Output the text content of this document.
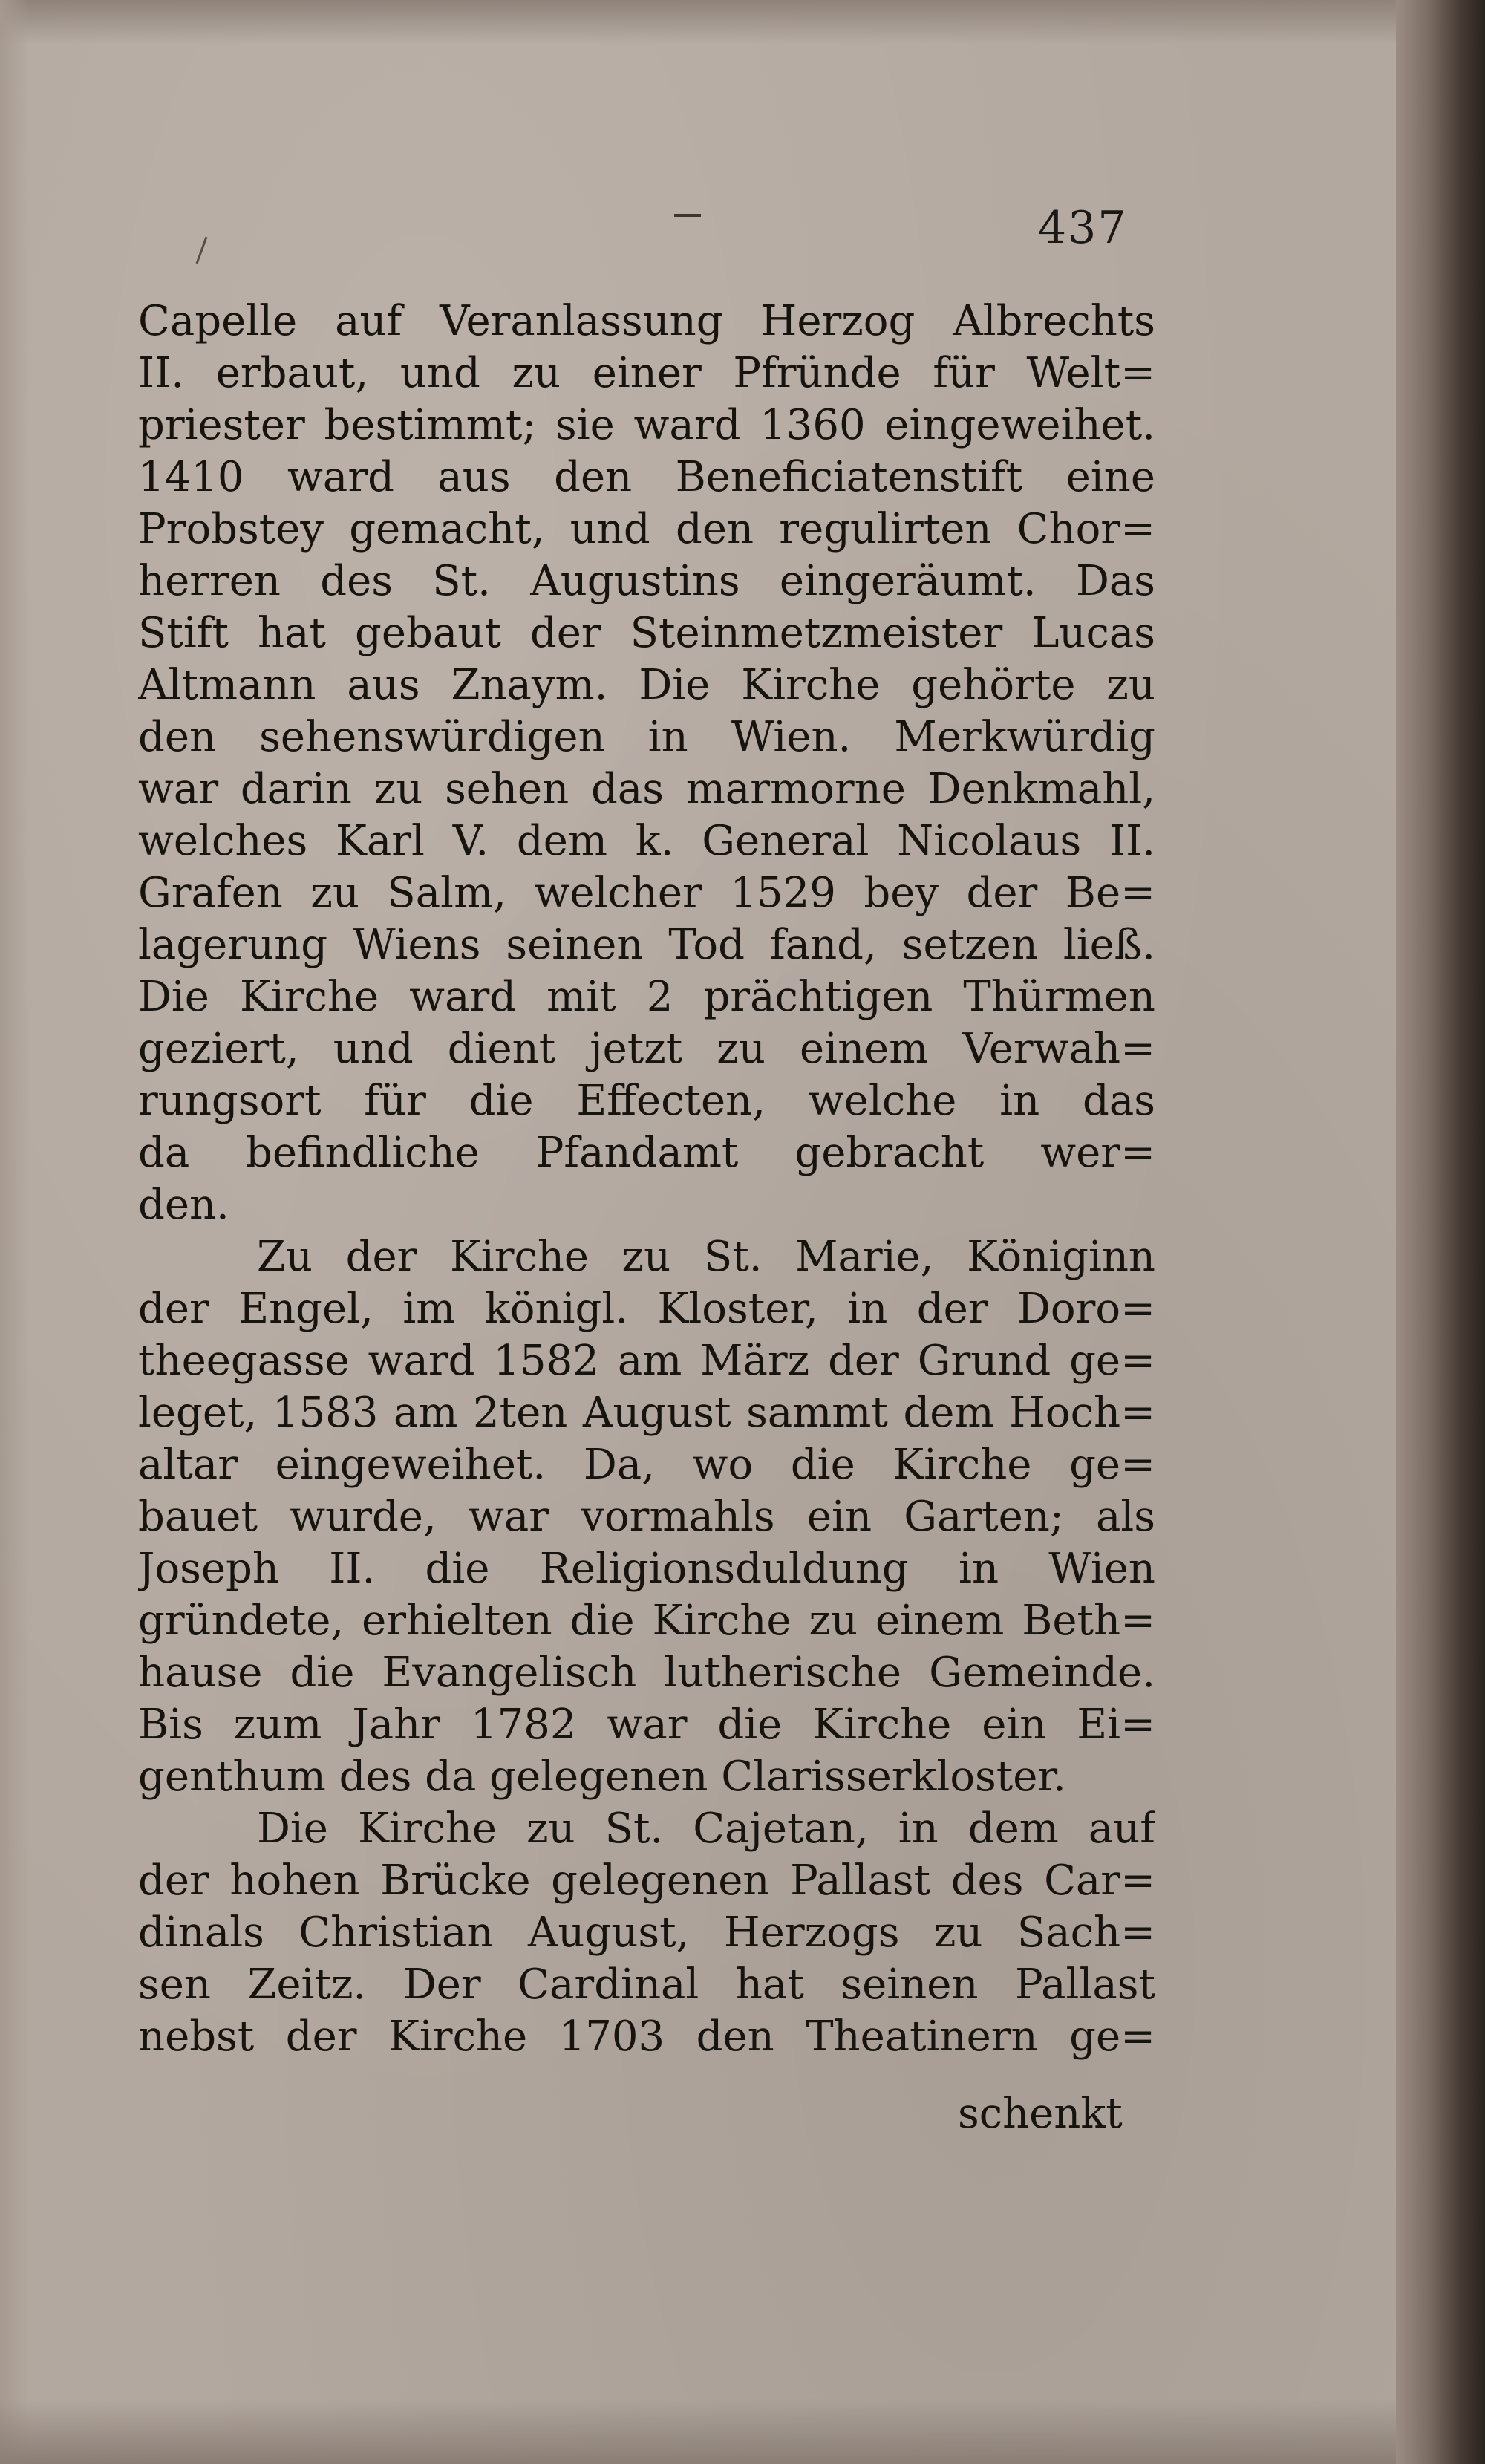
437
Capelle auf Veranlassung Herzog Albrechts
II. erbaut, und zu einer Pfründe für Welt=
priester bestimmt; sie ward 1360 eingeweihet.
1410 ward aus den Beneficiatenstift eine
Probstey gemacht, und den regulirten Chor=
herren des St. Augustins eingeräumt. Das
Stift hat gebaut der Steinmetzmeister Lucas
Altmann aus Znaym. Die Kirche gehörte zu
den sehenswürdigen in Wien. Merkwürdig
war darin zu sehen das marmorne Denkmahl,
welches Karl V. dem k. General Nicolaus II.
Grafen zu Salm, welcher 1529 bey der Be=
lagerung Wiens seinen Tod fand, setzen ließ.
Die Kirche ward mit 2 prächtigen Thürmen
geziert, und dient jetzt zu einem Verwah=
rungsort für die Effecten, welche in das
da befindliche Pfandamt gebracht wer=
den.
Zu der Kirche zu St. Marie, Königinn
der Engel, im königl. Kloster, in der Doro=
theegasse ward 1582 am März der Grund ge=
leget, 1583 am 2ten August sammt dem Hoch=
altar eingeweihet. Da, wo die Kirche ge=
bauet wurde, war vormahls ein Garten; als
Joseph II. die Religionsduldung in Wien
gründete, erhielten die Kirche zu einem Beth=
hause die Evangelisch lutherische Gemeinde.
Bis zum Jahr 1782 war die Kirche ein Ei=
genthum des da gelegenen Clarisserkloster.
Die Kirche zu St. Cajetan, in dem auf
der hohen Brücke gelegenen Pallast des Car=
dinals Christian August, Herzogs zu Sach=
sen Zeitz. Der Cardinal hat seinen Pallast
nebst der Kirche 1703 den Theatinern ge=
schenkt
